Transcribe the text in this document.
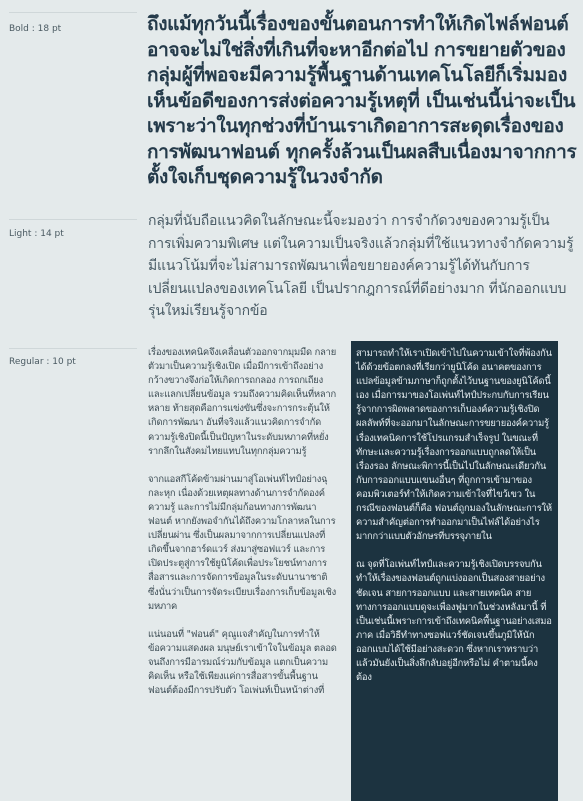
Bold : 18 pt	ถึงแม้ทุกวันนี้เรื่องของขั้นตอนการทำให้เกิดไฟล์ฟอนต์อาจจะไม่ใช่สิ่งที่เกินที่จะหาอีกต่อไป การขยายตัวของกลุ่มผู้ที่พอจะมีความรู้พื้นฐานด้านเทคโนโลยีก็เริ่มมองเห็นข้อดีของการส่งต่อความรู้เหตุที่ เป็นเช่นนี้น่าจะเป็นเพราะว่าในทุกช่วงที่บ้านเราเกิดอาการสะดุดเรื่องของการพัฒนาฟอนต์ ทุกครั้งล้วนเป็นผลสืบเนื่องมาจากการตั้งใจเก็บชุดความรู้ในวงจำกัด
Light : 14 pt
กลุ่มที่นับถือแนวคิดในลักษณะนี้จะมองว่า การจำกัดวงของความรู้เป็น การเพิ่มความพิเศษ แต่ในความเป็นจริงแล้วกลุ่มที่ใช้แนวทางจำกัดความรู้ มีแนวโน้มที่จะไม่สามารถพัฒนาเพื่อขยายองค์ความรู้ได้ทันกับการเปลี่ยนแปลงของเทคโนโลยี เป็นปรากฎการณ์ที่ดีอย่างมาก ที่นักออกแบบรุ่นใหม่เรียนรู้จากข้อ
Regular : 10 pt

เรื่องของเทคนิคจึงเคลื่อนตัวออกจากมุมมืด กลายตัวมาเป็นความรู้เชิงเปิด เมื่อมีการเข้าถึงอย่างกว้างขวางจึงก่อให้เกิดการถกลอง การถกเถียง และแลกเปลี่ยนข้อมูล รวมถึงความคิดเห็นที่หลากหลาย ท้ายสุดคือการแข่งขันซึ่งจะการกระตุ้นให้เกิดการพัฒนา อันที่จริงแล้วแนวคิดการจำกัดความรู้เชิงปิดนี้เป็นปัญหาในระดับมหภาคที่หยั่งรากลึกในสังคมไทยแทบในทุกกลุ่มความรู้

จากแอสกีโค้ดข้ามผ่านมาสู่โอเพ่นท์ไทป์อย่างฉุกละหุก เนื่องด้วยเหตุผลทางด้านการจำกัดองค์ความรู้ และการไม่มีกลุ่มก้อนทางการพัฒนาฟอนต์ หากยังพอจำกันได้ถึงความโกลาหลในการเปลี่ยนผ่าน ซึ่งเป็นผลมาจากการเปลี่ยนแปลงที่เกิดขึ้นจากฮาร์ดแวร์ ส่งมาสู่ซอฟแวร์ และการเปิดประตูสู่การใช้ยูนิโค้ดเพื่อประโยชน์ทางการสื่อสารและการจัดการข้อมูลในระดับนานาชาติ ซึ่งนั่นว่าเป็นการจัดระเบียบเรื่องการเก็บข้อมูลเชิงมหภาค

แน่นอนที่ "ฟอนต์" คุณูแจสำคัญในการทำให้ข้อความแสดงผล มนุษย์เราเข้าใจในข้อมูล ตลอดจนถึงการมีอารมณ์ร่วมกับข้อมูล แตกเป็นความคิดเห็น หรือใช้เพียงแค่การสื่อสารขั้นพื้นฐาน ฟอนต์ต้องมีการปรับตัว โอเพ่นท์เป็นหน้าต่างที่

สามารถทำให้เราเปิดเข้าไปในความเข้าใจที่พ้องกันได้ด้วยข้อตกลงที่เรียกว่ายูนิโค้ด อนาคตของการแปลข้อมูลข้ามภาษาก็ถูกตั้งไว้บนฐานของยูนิโค้ดนี้เอง เมื่อการมาของโอเพ่นท์ไทป์ประกบกับการเรียนรู้จากการผิดพลาดของการเก็บองค์ความรู้เชิงปิด ผลลัพท์ที่จะออกมาในลักษณะการขยายองค์ความรู้เรื่องเทคนิคการใช้โปรแกรมสำเร็จรูป ในขณะที่ทักษะและความรู้เรื่องการออกแบบถูกลดให้เป็นเรื่องรอง ลักษณะพิการนี้เป็นไปในลักษณะเดียวกันกับการออกแบบแขนงอื่นๆ ที่ถูกการเข้ามาของคอมพิวเตอร์ทำให้เกิดความเข้าใจที่ไขว้เขว ในกรณีของฟอนต์ก็คือ ฟอนต์ถูกมองในลักษณะการให้ความสำคัญต่อการทำออกมาเป็นไฟล์ได้อย่างไรมากกว่าแบบตัวอักษรที่บรรจุภายใน

ณ จุดที่โอเพ่นท์ไทป์และความรู้เชิงเปิดบรรจบกัน ทำให้เรื่องของฟอนต์ถูกแบ่งออกเป็นสองสายอย่างชัดเจน สายการออกแบบ และสายเทคนิค สายทางการออกแบบดูจะเพื่องฟูมากในช่วงหลังมานี้ ที่เป็นเช่นนี้เพราะการเข้าถึงเทคนิคพื้นฐานอย่างเสมอภาค เมื่อวิธีทำทางซอฟแวร์ชัดเจนขึ้นภูมิให้นักออกแบบได้ใช้มีอย่างสะดวก ซึ่งหากเราทราบว่า แล้วมันยังเป็นสิ่งลึกลับอยู่อีกหรือไม่ คำตามนี้คงต้อง
